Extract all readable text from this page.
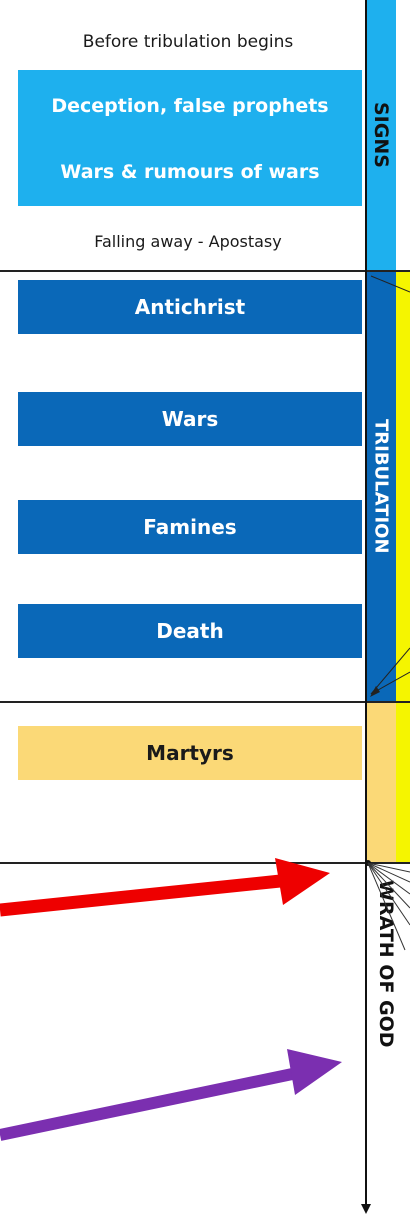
Before tribulation begins
Deception, false prophets
Wars & rumours of wars
Falling away - Apostasy
Antichrist
Wars
Famines
Death
Martyrs
SIGNS
TRIBULATION
WRATH OF GOD
